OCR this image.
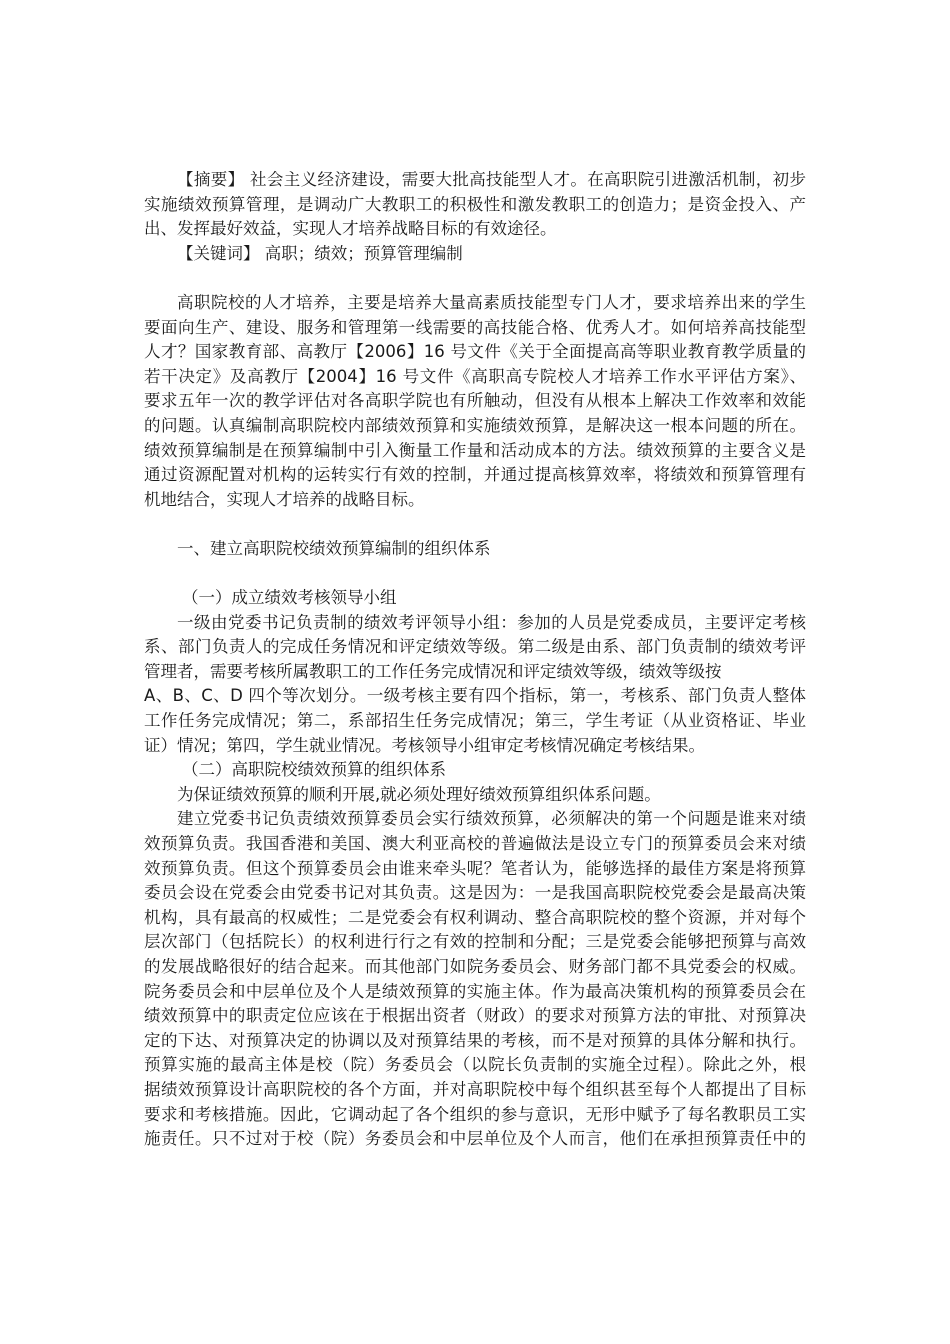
【摘要】 社会主义经济建设，需要大批高技能型人才。在高职院引进激活机制，初步
实施绩效预算管理，是调动广大教职工的积极性和激发教职工的创造力；是资金投入、产
出、发挥最好效益，实现人才培养战略目标的有效途径。
【关键词】 高职；绩效；预算管理编制
高职院校的人才培养，主要是培养大量高素质技能型专门人才，要求培养出来的学生
要面向生产、建设、服务和管理第一线需要的高技能合格、优秀人才。如何培养高技能型
人才？国家教育部、高教厅【2006】16 号文件《关于全面提高高等职业教育教学质量的
若干决定》及高教厅【2004】16 号文件《高职高专院校人才培养工作水平评估方案》、
要求五年一次的教学评估对各高职学院也有所触动，但没有从根本上解决工作效率和效能
的问题。认真编制高职院校内部绩效预算和实施绩效预算，是解决这一根本问题的所在。
绩效预算编制是在预算编制中引入衡量工作量和活动成本的方法。绩效预算的主要含义是
通过资源配置对机构的运转实行有效的控制，并通过提高核算效率，将绩效和预算管理有
机地结合，实现人才培养的战略目标。
一、建立高职院校绩效预算编制的组织体系
（一）成立绩效考核领导小组
一级由党委书记负责制的绩效考评领导小组：参加的人员是党委成员，主要评定考核
系、部门负责人的完成任务情况和评定绩效等级。第二级是由系、部门负责制的绩效考评
管理者，需要考核所属教职工的工作任务完成情况和评定绩效等级，绩效等级按
A、B、C、D 四个等次划分。一级考核主要有四个指标，第一，考核系、部门负责人整体
工作任务完成情况；第二，系部招生任务完成情况；第三，学生考证（从业资格证、毕业
证）情况；第四，学生就业情况。考核领导小组审定考核情况确定考核结果。
（二）高职院校绩效预算的组织体系
为保证绩效预算的顺利开展,就必须处理好绩效预算组织体系问题。
建立党委书记负责绩效预算委员会实行绩效预算，必须解决的第一个问题是谁来对绩
效预算负责。我国香港和美国、澳大利亚高校的普遍做法是设立专门的预算委员会来对绩
效预算负责。但这个预算委员会由谁来牵头呢？笔者认为，能够选择的最佳方案是将预算
委员会设在党委会由党委书记对其负责。这是因为：一是我国高职院校党委会是最高决策
机构，具有最高的权威性；二是党委会有权利调动、整合高职院校的整个资源，并对每个
层次部门（包括院长）的权利进行行之有效的控制和分配；三是党委会能够把预算与高效
的发展战略很好的结合起来。而其他部门如院务委员会、财务部门都不具党委会的权威。
院务委员会和中层单位及个人是绩效预算的实施主体。作为最高决策机构的预算委员会在
绩效预算中的职责定位应该在于根据出资者（财政）的要求对预算方法的审批、对预算决
定的下达、对预算决定的协调以及对预算结果的考核，而不是对预算的具体分解和执行。
预算实施的最高主体是校（院）务委员会（以院长负责制的实施全过程）。除此之外，根
据绩效预算设计高职院校的各个方面，并对高职院校中每个组织甚至每个人都提出了目标
要求和考核措施。因此，它调动起了各个组织的参与意识，无形中赋予了每名教职员工实
施责任。只不过对于校（院）务委员会和中层单位及个人而言，他们在承担预算责任中的
